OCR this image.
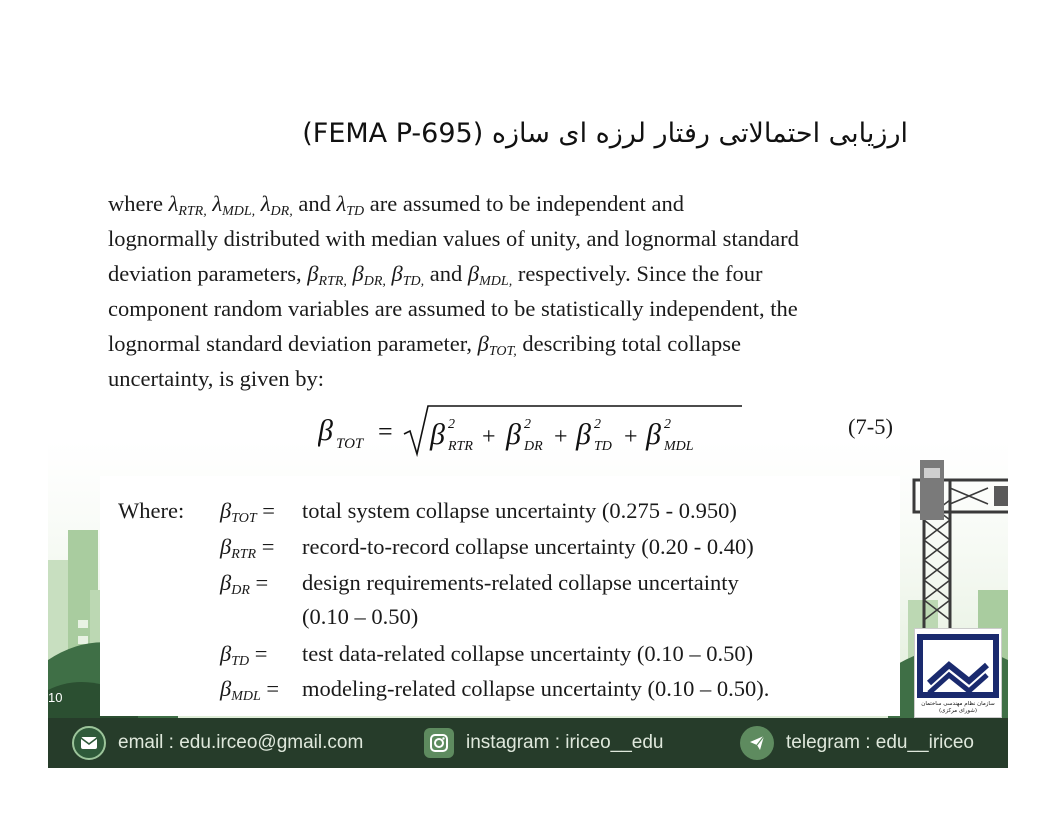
ارزیابی احتمالاتی رفتار لرزه ای سازه (FEMA P-695)
where $\lambda_{RTR,}$ $\lambda_{MDL,}$ $\lambda_{DR,}$ and $\lambda_{TD}$ are assumed to be independent and
lognormally distributed with median values of unity, and lognormal standard
deviation parameters, $\beta_{RTR,}$ $\beta_{DR,}$ $\beta_{TD,}$ and $\beta_{MDL,}$ respectively. Since the four
component random variables are assumed to be statistically independent, the
lognormal standard deviation parameter, $\beta_{TOT,}$ describing total collapse
uncertainty, is given by:
β TOT = β 2
RTR + β 2
DR + β 2
TD + β 2
MDL
(7-5)
Where: $\beta_{TOT}$ =	total system collapse uncertainty (0.275 - 0.950)
$\beta_{RTR}$ =	record-to-record collapse uncertainty (0.20 - 0.40)
$\beta_{DR}$ =	design requirements-related collapse uncertainty
(0.10 – 0.50)
$\beta_{TD}$ =	test data-related collapse uncertainty (0.10 – 0.50)
$\beta_{MDL}$ =	modeling-related collapse uncertainty (0.10 – 0.50).
10	سازمان نظام مهندسی ساختمان
(شورای مرکزی)
email : edu.irceo@gmail.com	instagram : iriceo__edu	telegram : edu__iriceo
